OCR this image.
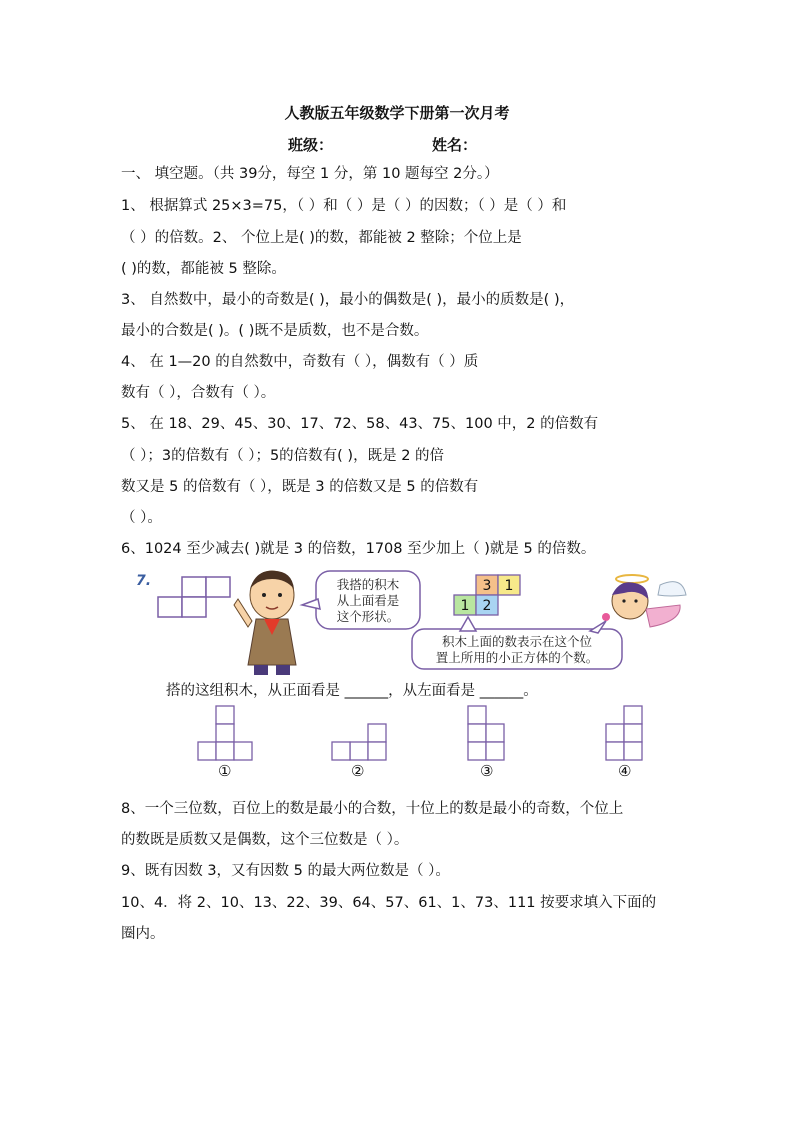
人教版五年级数学下册第一次月考
班级：	姓名：
一、 填空题。（共 39分，每空 1 分，第 10 题每空 2分。）
1、 根据算式 25×3=75，（ ）和（ ）是（ ）的因数；（ ）是（ ）和
（ ）的倍数。2、 个位上是( )的数，都能被 2 整除；个位上是
( )的数，都能被 5 整除。
3、 自然数中，最小的奇数是( )，最小的偶数是( )，最小的质数是( )，
最小的合数是( )。( )既不是质数，也不是合数。
4、 在 1—20 的自然数中，奇数有（ ），偶数有（ ）质
数有（ ），合数有（ ）。
5、 在 18、29、45、30、17、72、58、43、75、100 中，2 的倍数有
（ ）；3的倍数有（ ）；5的倍数有( )，既是 2 的倍
数又是 5 的倍数有（ ），既是 3 的倍数又是 5 的倍数有
（ ）。
6、1024 至少减去( )就是 3 的倍数，1708 至少加上（ )就是 5 的倍数。
7.	我搭的积木
从上面看是
这个形状。
3 1
1 2
积木上面的数表示在这个位
置上所用的小正方体的个数。
搭的这组积木，从正面看是 ______，从左面看是 ______。
①	②	③	④
8、一个三位数，百位上的数是最小的合数，十位上的数是最小的奇数，个位上
的数既是质数又是偶数，这个三位数是（ ）。
9、既有因数 3，又有因数 5 的最大两位数是（ ）。
10、4．将 2、10、13、22、39、64、57、61、1、73、111 按要求填入下面的
圈内。
